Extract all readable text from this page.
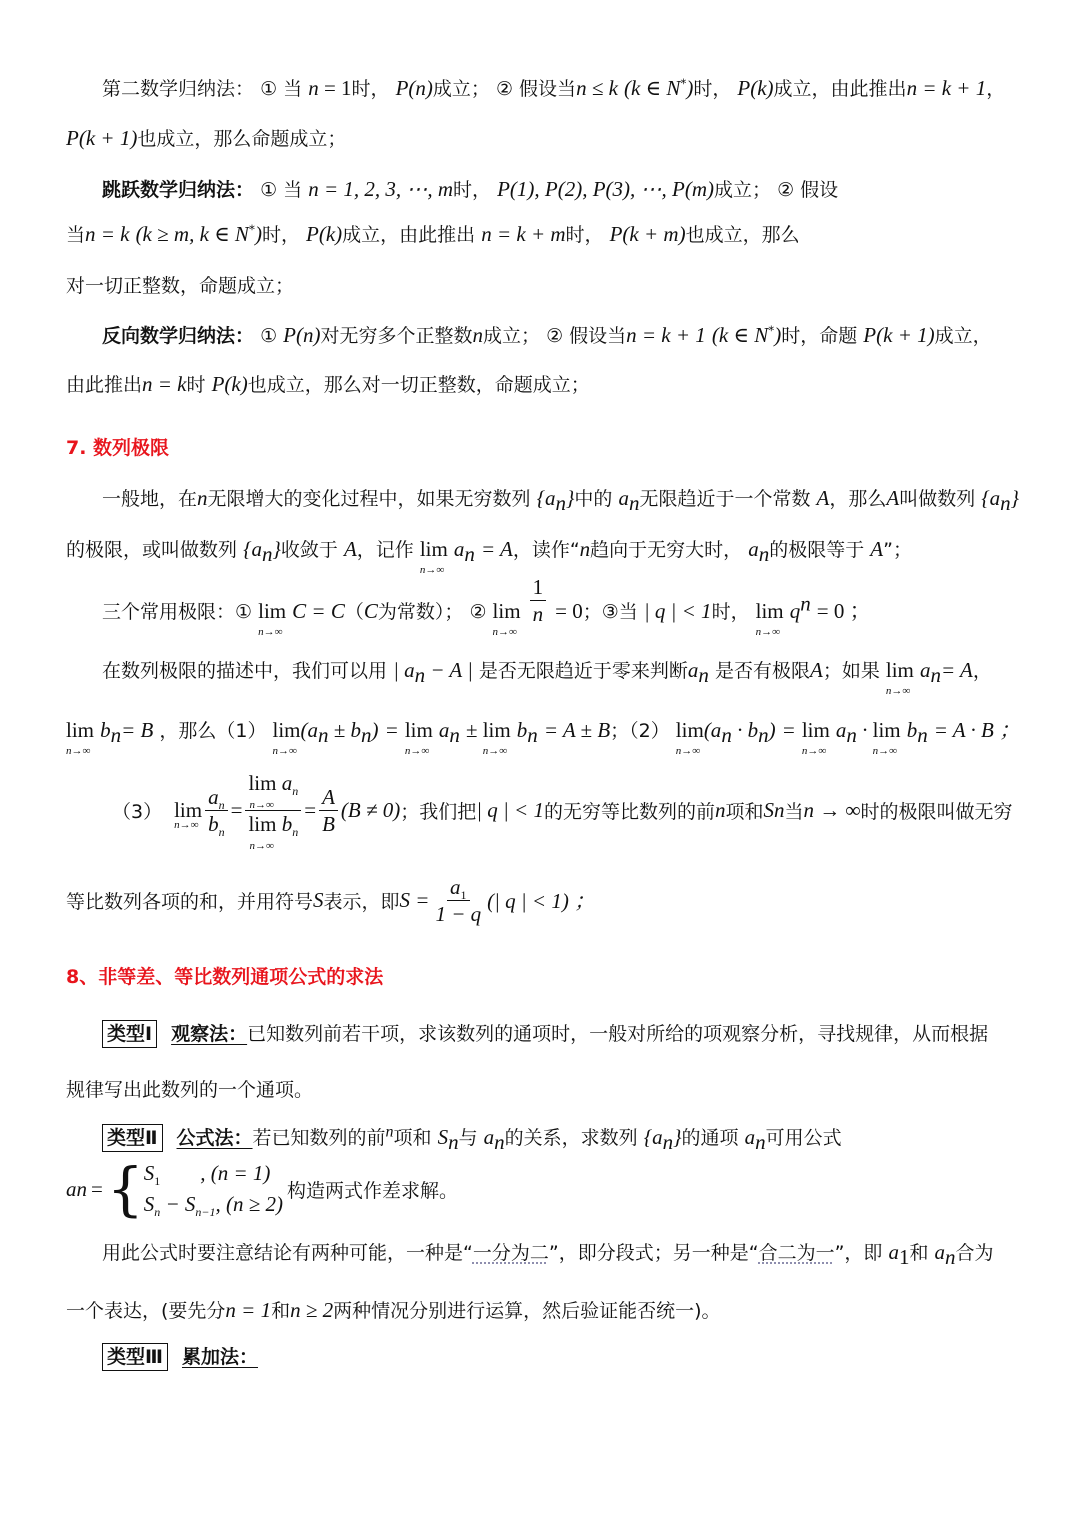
第二数学归纳法： ① 当 n = 1时， P(n)成立； ② 假设当n ≤ k (k ∈ N*)时， P(k)成立，由此推出n = k + 1，
P(k + 1)也成立，那么命题成立；
跳跃数学归纳法： ① 当 n = 1, 2, 3, ⋯, m时， P(1), P(2), P(3), ⋯, P(m)成立； ② 假设
当n = k (k ≥ m, k ∈ N*)时， P(k)成立，由此推出 n = k + m时， P(k + m)也成立，那么
对一切正整数，命题成立；
反向数学归纳法： ① P(n)对无穷多个正整数n成立； ② 假设当n = k + 1 (k ∈ N*)时，命题 P(k + 1)成立，
由此推出n = k时 P(k)也成立，那么对一切正整数，命题成立；
7. 数列极限
一般地，在n无限增大的变化过程中，如果无穷数列 $\{a_n\}$中的 $a_n$无限趋近于一个常数 A，那么A叫做数列 $\{a_n\}$
的极限，或叫做数列 $\{a_n\}$收敛于 A，记作 lim
n→∞
$a_n = A$，读作“n趋向于无穷大时， $a_n$的极限等于 A”；
三个常用极限：① lim
n→∞
C = C（C为常数）； ② lim
n→∞

$\frac{1}{n} = 0$；③当 | q | < 1时， lim
n→∞
$q^n = 0$ ；
在数列极限的描述中，我们可以用 | $a_n - A$ | 是否无限趋近于零来判断$a_n$ 是否有极限A；如果 lim
n→∞
$a_n= A$，
lim
n→∞
$b_n= B$ ，那么（1） lim
n→∞
$(a_n \pm b_n) = \lim$
n→∞
$a_n \pm \lim$
n→∞
$b_n = A \pm B$；（2） lim
n→∞
$(a_n \cdot b_n) = \lim$
n→∞
$a_n \cdot \lim$
n→∞
$b_n = A \cdot B$ ；
（3） lim
$n\to\infty \frac{a_n}{b_n} = \lim a_n$
n→∞
$\lim b_n$
$n\to\infty = \frac{A}{B} (B \ne 0)$ ；我们把 | q | < 1 的无穷等比数列的前 n 项和 S n 当 n → ∞ 时的极限叫做无穷
等比数列各项的和，并用符号 S 表示，即 $S = \frac{a_1}{1 - q}$ (| q | < 1) ；
8、非等差、等比数列通项公式的求法
类型Ⅰ 观察法：已知数列前若干项，求该数列的通项时，一般对所给的项观察分析，寻找规律，从而根据
规律写出此数列的一个通项。
类型Ⅱ 公式法：若已知数列的前$^n$项和 $S_n$与 $a_n$的关系，求数列 $\{a_n\}$的通项 $a_n$可用公式
a n = { $S_1$ , (n = 1)
$S_n - S_{n-1}$, (n ≥ 2)
构造两式作差求解。
用此公式时要注意结论有两种可能，一种是“一分为二”，即分段式；另一种是“合二为一”，即 $a_1$和 $a_n$合为
一个表达，(要先分n = 1和n ≥ 2两种情况分别进行运算，然后验证能否统一)。
类型Ⅲ 累加法：
